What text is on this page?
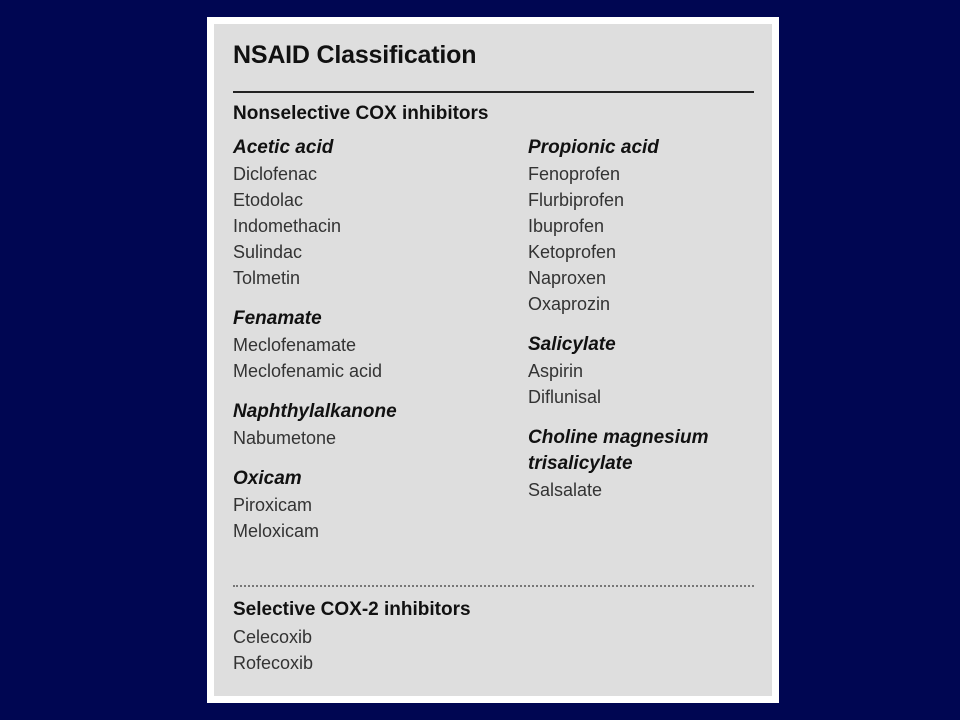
NSAID Classification
Nonselective COX inhibitors
Acetic acid
Diclofenac
Etodolac
Indomethacin
Sulindac
Tolmetin
Fenamate
Meclofenamate
Meclofenamic acid
Naphthylalkanone
Nabumetone
Oxicam
Piroxicam
Meloxicam
Propionic acid
Fenoprofen
Flurbiprofen
Ibuprofen
Ketoprofen
Naproxen
Oxaprozin
Salicylate
Aspirin
Diflunisal
Choline magnesium
trisalicylate
Salsalate
Selective COX-2 inhibitors
Celecoxib
Rofecoxib
